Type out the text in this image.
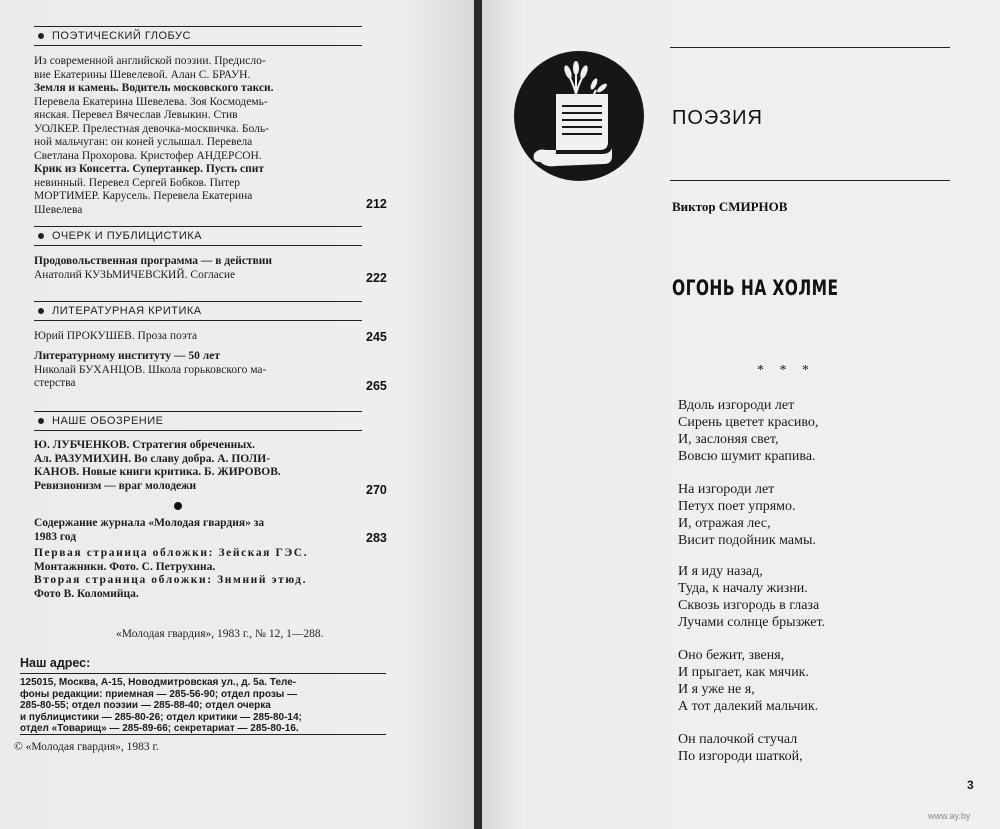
ПОЭТИЧЕСКИЙ ГЛОБУС
Из современной английской поэзии. Предисло-
вие Екатерины Шевелевой. Алан С. БРАУН.
Земля и камень. Водитель московского такси.
Перевела Екатерина Шевелева. Зоя Космодемь-
янская. Перевел Вячеслав Левыкин. Стив
УОЛКЕР. Прелестная девочка-москвичка. Боль-
ной мальчуган: он коней услышал. Перевела
Светлана Прохорова. Кристофер АНДЕРСОН.
Крик из Консетта. Супертанкер. Пусть спит
невинный. Перевел Сергей Бобков. Питер
МОРТИМЕР. Карусель. Перевела Екатерина
Шевелева	212
ОЧЕРК И ПУБЛИЦИСТИКА
Продовольственная программа — в действии
Анатолий КУЗЬМИЧЕВСКИЙ. Согласие	222
ЛИТЕРАТУРНАЯ КРИТИКА
Юрий ПРОКУШЕВ. Проза поэта	245
Литературному институту — 50 лет
Николай БУХАНЦОВ. Школа горьковского ма-
стерства	265
НАШЕ ОБОЗРЕНИЕ
Ю. ЛУБЧЕНКОВ. Стратегия обреченных.
Ал. РАЗУМИХИН. Во славу добра. А. ПОЛИ-
КАНОВ. Новые книги критика. Б. ЖИРОВОВ.
Ревизионизм — враг молодежи	270
Содержание журнала «Молодая гвардия» за
1983 год	283
Первая страница обложки: Зейская ГЭС.
Монтажники. Фото. С. Петрухина.
Вторая страница обложки: Зимний этюд.
Фото В. Коломийца.
«Молодая гвардия», 1983 г., № 12, 1—288.
Наш адрес:
125015, Москва, А-15, Новодмитровская ул., д. 5а. Теле-
фоны редакции: приемная — 285-56-90; отдел прозы —
285-80-55; отдел поэзии — 285-88-40; отдел очерка
и публицистики — 285-80-26; отдел критики — 285-80-14;
отдел «Товарищ» — 285-89-66; секретариат — 285-80-16.
© «Молодая гвардия», 1983 г.
ПОЭЗИЯ
Виктор СМИРНОВ
ОГОНЬ НА ХОЛМЕ
* * *
Вдоль изгороди лет
Сирень цветет красиво,
И, заслоняя свет,
Вовсю шумит крапива.
На изгороди лет
Петух поет упрямо.
И, отражая лес,
Висит подойник мамы.
И я иду назад,
Туда, к началу жизни.
Сквозь изгородь в глаза
Лучами солнце брызжет.
Оно бежит, звеня,
И прыгает, как мячик.
И я уже не я,
А тот далекий мальчик.
Он палочкой стучал
По изгороди шаткой,
3
www.ay.by
